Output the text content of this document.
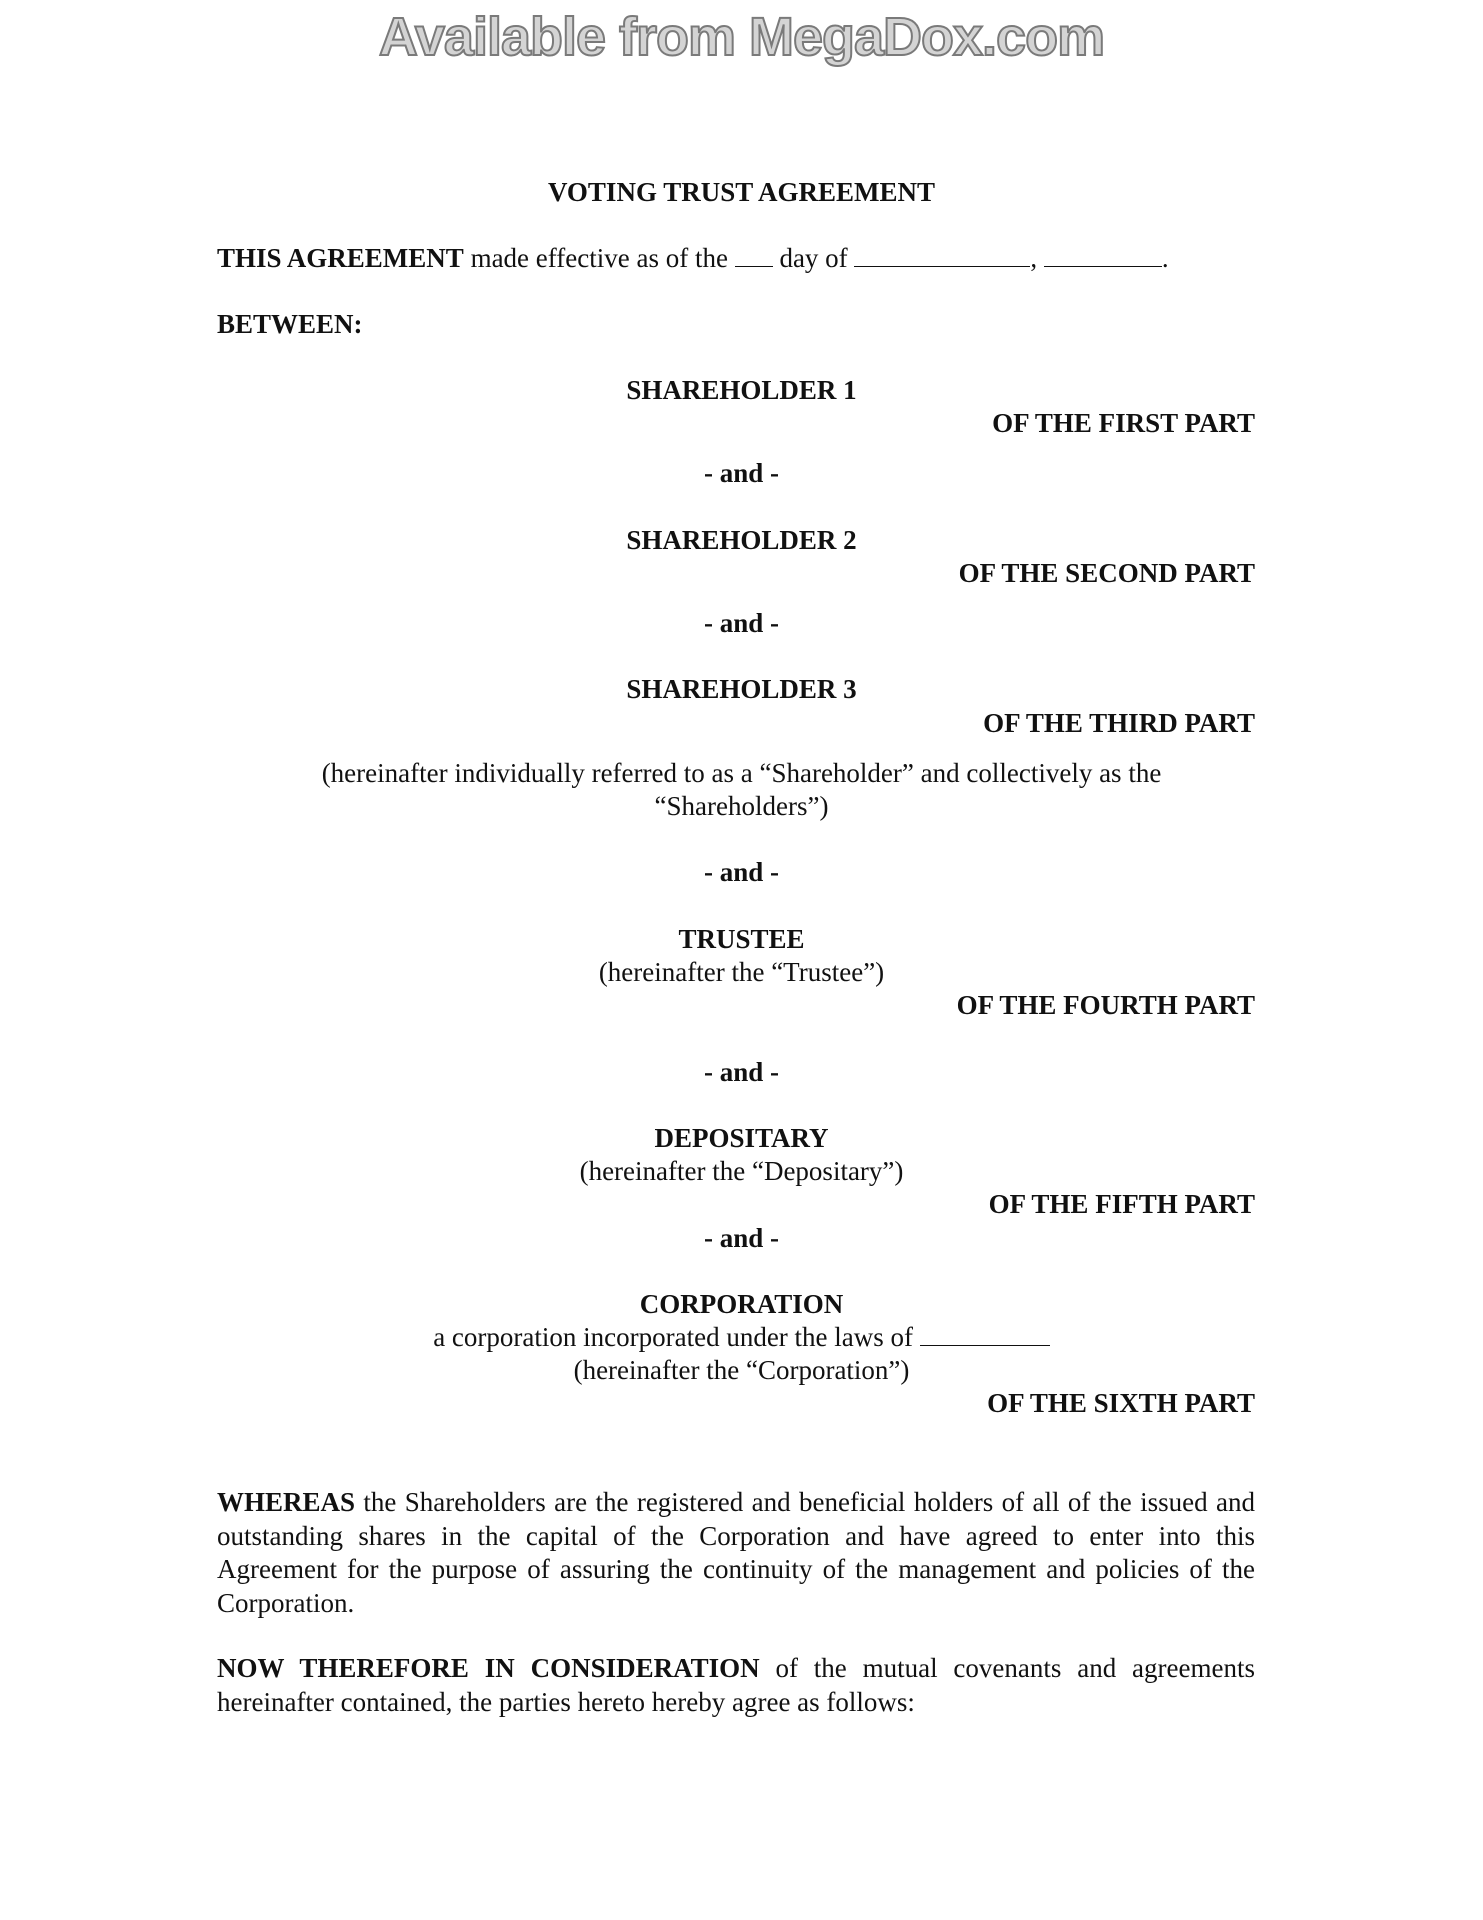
Available from MegaDox.com
VOTING TRUST AGREEMENT
THIS AGREEMENT made effective as of the  day of	,	.
BETWEEN:
SHAREHOLDER 1
OF THE FIRST PART
- and -
SHAREHOLDER 2
OF THE SECOND PART
- and -
SHAREHOLDER 3
OF THE THIRD PART
(hereinafter individually referred to as a “Shareholder” and collectively as the
“Shareholders”)
- and -
TRUSTEE
(hereinafter the “Trustee”)
OF THE FOURTH PART
- and -
DEPOSITARY
(hereinafter the “Depositary”)
OF THE FIFTH PART
- and -
CORPORATION
a corporation incorporated under the laws of
(hereinafter the “Corporation”)
OF THE SIXTH PART
WHEREAS the Shareholders are the registered and beneficial holders of all of the issued and outstanding shares in the capital of the Corporation and have agreed to enter into this Agreement for the purpose of assuring the continuity of the management and policies of the Corporation.
NOW THEREFORE IN CONSIDERATION of the mutual covenants and agreements hereinafter contained, the parties hereto hereby agree as follows:
